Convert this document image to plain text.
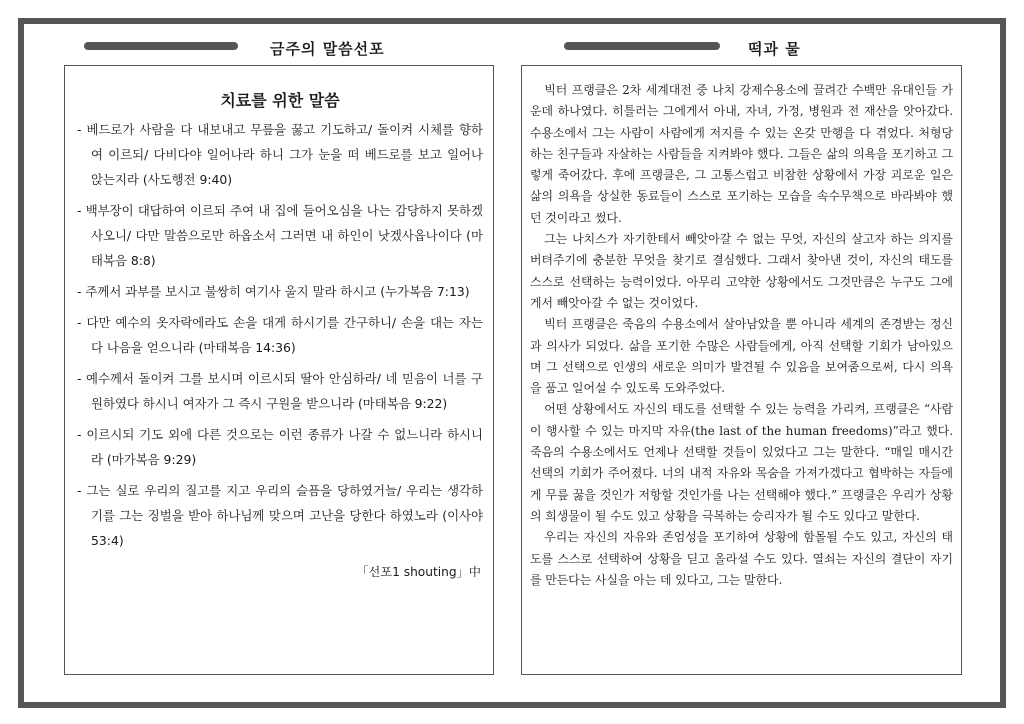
금주의 말씀선포	떡과 물
치료를 위한 말씀
- 베드로가 사람을 다 내보내고 무릎을 꿇고 기도하고/ 돌이켜 시체를 향하여 이르되/ 다비다야 일어나라 하니 그가 눈을 떠 베드로를 보고 일어나 앉는지라 (사도행전 9:40)
- 백부장이 대답하여 이르되 주여 내 집에 들어오심을 나는 감당하지 못하겠사오니/ 다만 말씀으로만 하옵소서 그러면 내 하인이 낫겠사옵나이다 (마태복음 8:8)
- 주께서 과부를 보시고 불쌍히 여기사 울지 말라 하시고 (누가복음 7:13)
- 다만 예수의 옷자락에라도 손을 대게 하시기를 간구하니/ 손을 대는 자는 다 나음을 얻으니라 (마태복음 14:36)
- 예수께서 돌이켜 그를 보시며 이르시되 딸아 안심하라/ 네 믿음이 너를 구원하였다 하시니 여자가 그 즉시 구원을 받으니라 (마태복음 9:22)
- 이르시되 기도 외에 다른 것으로는 이런 종류가 나갈 수 없느니라 하시니라 (마가복음 9:29)
- 그는 실로 우리의 질고를 지고 우리의 슬픔을 당하였거늘/ 우리는 생각하기를 그는 징벌을 받아 하나님께 맞으며 고난을 당한다 하였노라 (이사야 53:4)
「선포1 shouting」中

빅터 프랭클은 2차 세계대전 중 나치 강제수용소에 끌려간 수백만 유대인들 가운데 하나였다. 히틀러는 그에게서 아내, 자녀, 가정, 병원과 전 재산을 앗아갔다. 수용소에서 그는 사람이 사람에게 저지를 수 있는 온갖 만행을 다 겪었다. 처형당하는 친구들과 자살하는 사람들을 지켜봐야 했다. 그들은 삶의 의욕을 포기하고 그렇게 죽어갔다. 후에 프랭클은, 그 고통스럽고 비참한 상황에서 가장 괴로운 일은 삶의 의욕을 상실한 동료들이 스스로 포기하는 모습을 속수무책으로 바라봐야 했던 것이라고 썼다.

그는 나치스가 자기한테서 빼앗아갈 수 없는 무엇, 자신의 살고자 하는 의지를 버텨주기에 충분한 무엇을 찾기로 결심했다. 그래서 찾아낸 것이, 자신의 태도를 스스로 선택하는 능력이었다. 아무리 고약한 상황에서도 그것만큼은 누구도 그에게서 빼앗아갈 수 없는 것이었다.

빅터 프랭클은 죽음의 수용소에서 살아남았을 뿐 아니라 세계의 존경받는 정신과 의사가 되었다. 삶을 포기한 수많은 사람들에게, 아직 선택할 기회가 남아있으며 그 선택으로 인생의 새로운 의미가 발견될 수 있음을 보여줌으로써, 다시 의욕을 품고 일어설 수 있도록 도와주었다.

어떤 상황에서도 자신의 태도를 선택할 수 있는 능력을 가리켜, 프랭클은 “사람이 행사할 수 있는 마지막 자유(the last of the human freedoms)”라고 했다. 죽음의 수용소에서도 언제나 선택할 것들이 있었다고 그는 말한다. “매일 매시간 선택의 기회가 주어졌다. 너의 내적 자유와 목숨을 가져가겠다고 협박하는 자들에게 무릎 꿇을 것인가 저항할 것인가를 나는 선택해야 했다.” 프랭클은 우리가 상황의 희생물이 될 수도 있고 상황을 극복하는 승리자가 될 수도 있다고 말한다.

우리는 자신의 자유와 존엄성을 포기하여 상황에 함몰될 수도 있고, 자신의 태도를 스스로 선택하여 상황을 딛고 올라설 수도 있다. 열쇠는 자신의 결단이 자기를 만든다는 사실을 아는 데 있다고, 그는 말한다.
